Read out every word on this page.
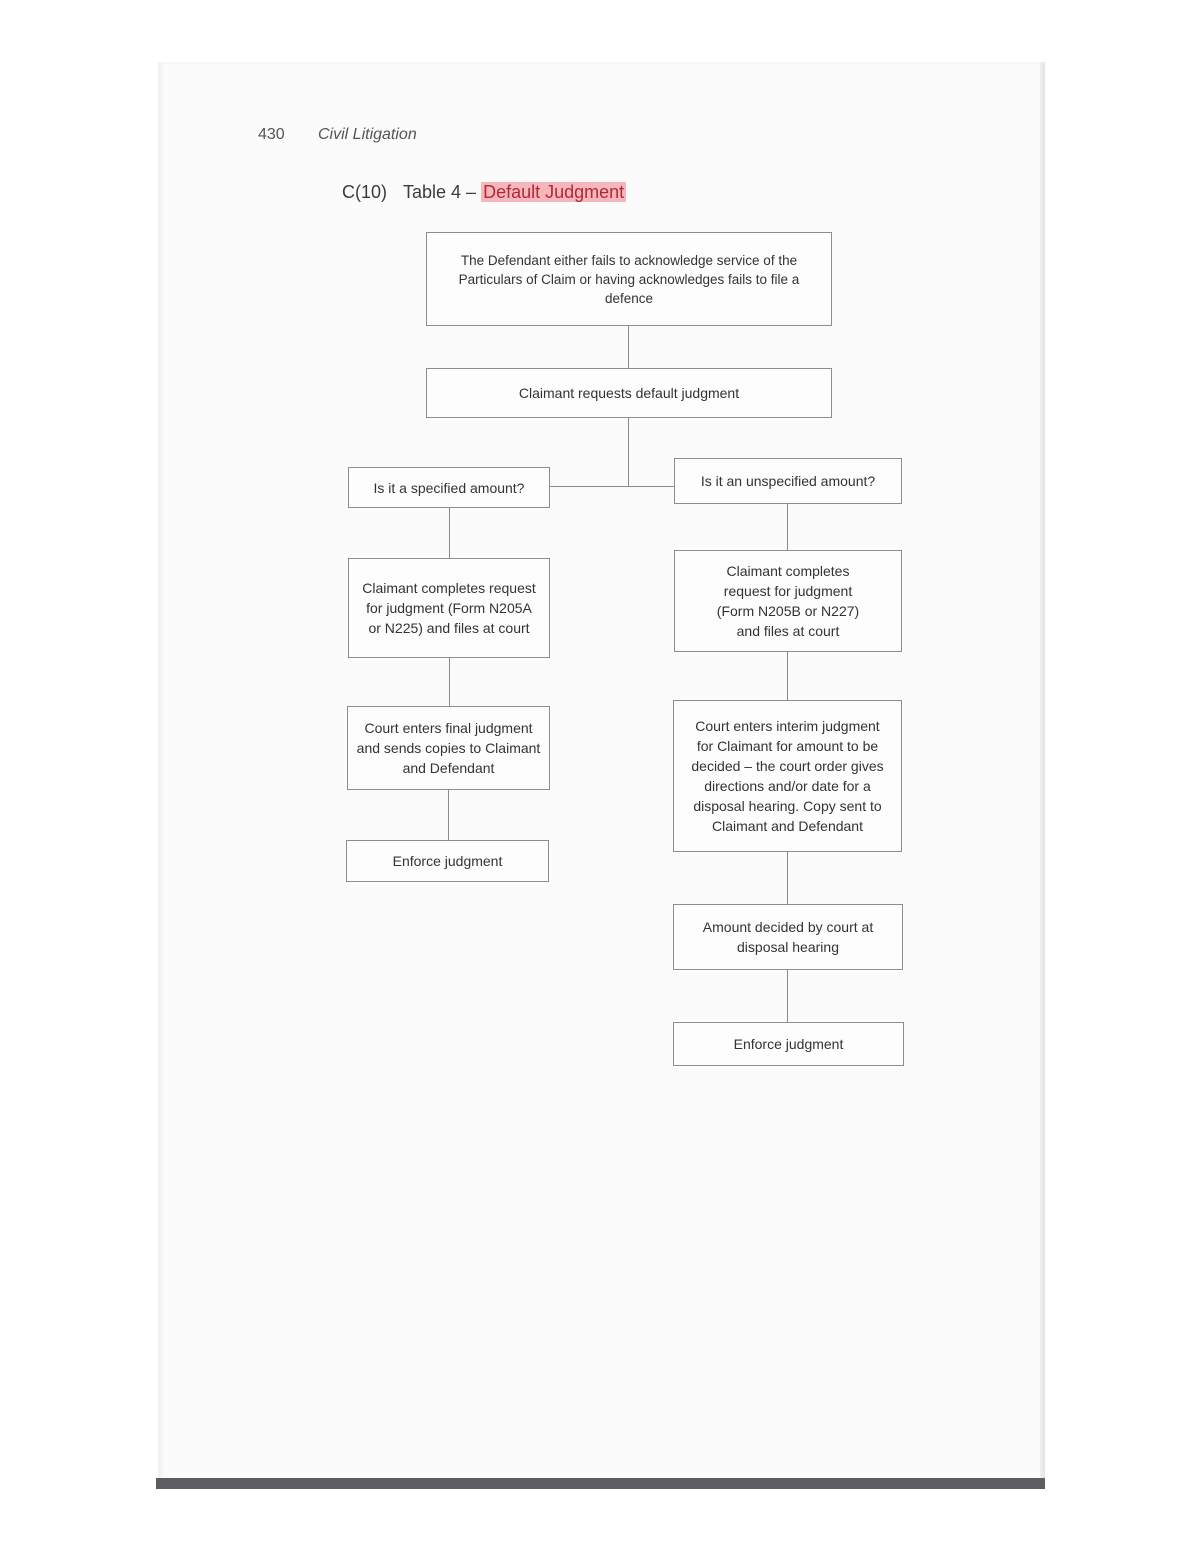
430 Civil Litigation
C(10) Table 4 – Default Judgment
The Defendant either fails to acknowledge service of the Particulars of Claim or having acknowledges fails to file a defence
Claimant requests default judgment
Is it a specified amount?	Is it an unspecified amount?
Claimant completes request for judgment (Form N205A or N225) and files at court
Claimant completes request for judgment (Form N205B or N227) and files at court
Court enters final judgment and sends copies to Claimant and Defendant
Court enters interim judgment for Claimant for amount to be decided – the court order gives directions and/or date for a disposal hearing. Copy sent to Claimant and Defendant
Enforce judgment
Amount decided by court at disposal hearing
Enforce judgment
